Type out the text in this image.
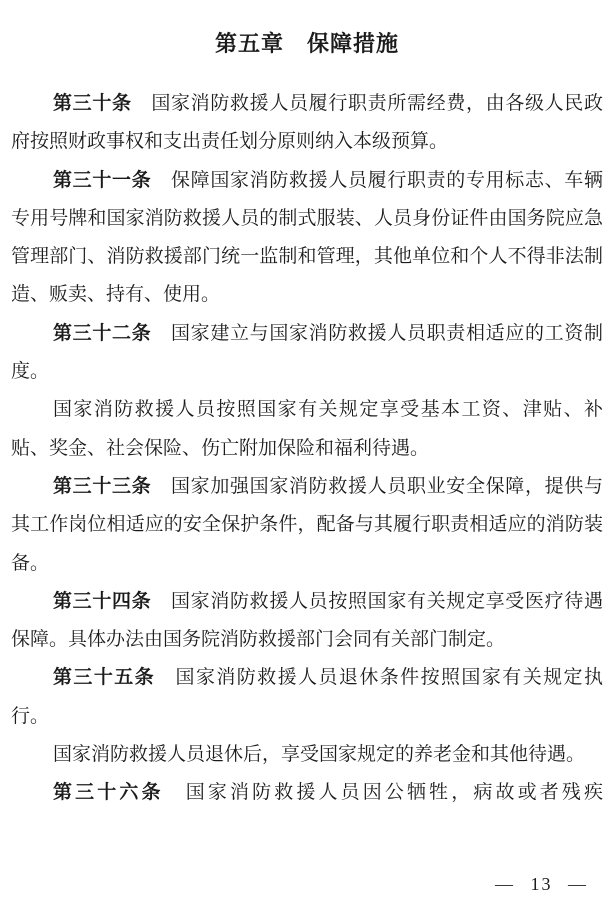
第五章　保障措施

第三十条　 国家消防救援人员履行职责所需经费，由各级人民政府按照财政事权和支出责任划分原则纳入本级预算。

第三十一条　 保障国家消防救援人员履行职责的专用标志、车辆专用号牌和国家消防救援人员的制式服装、人员身份证件由国务院应急管理部门、消防救援部门统一监制和管理，其他单位和个人不得非法制造、贩卖、持有、使用。

第三十二条　 国家建立与国家消防救援人员职责相适应的工资制度。

国家消防救援人员按照国家有关规定享受基本工资、津贴、补贴、奖金、社会保险、伤亡附加保险和福利待遇。

第三十三条　 国家加强国家消防救援人员职业安全保障，提供与其工作岗位相适应的安全保护条件，配备与其履行职责相适应的消防装备。

第三十四条　 国家消防救援人员按照国家有关规定享受医疗待遇保障。具体办法由国务院消防救援部门会同有关部门制定。

第三十五条　 国家消防救援人员退休条件按照国家有关规定执行。

国家消防救援人员退休后，享受国家规定的养老金和其他待遇。

第三十六条　 国家消防救援人员因公牺牲，病故或者残疾

— 13 —
